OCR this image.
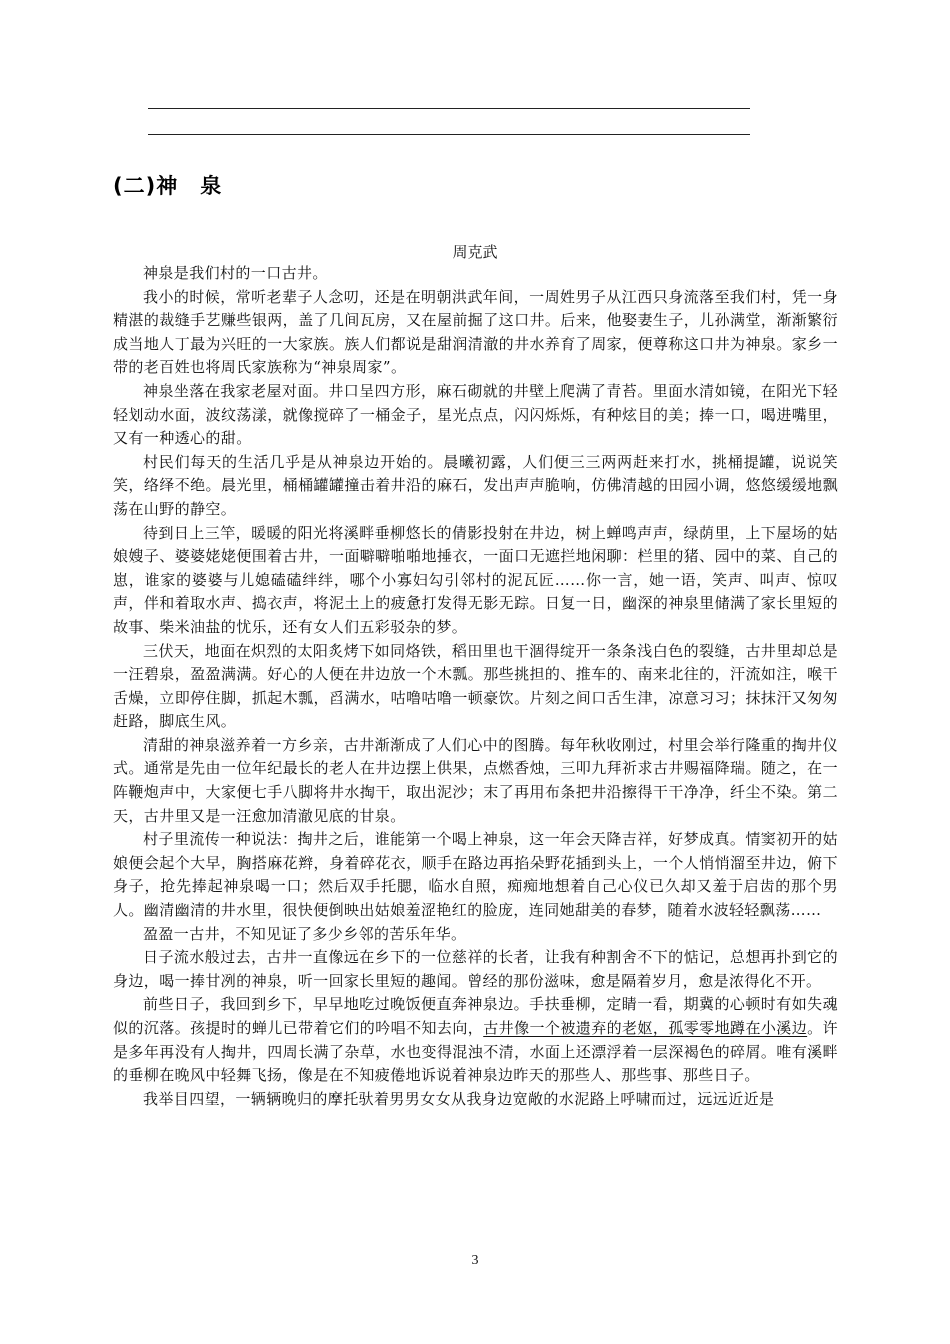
(二)神　泉
周克武

神泉是我们村的一口古井。

我小的时候，常听老辈子人念叨，还是在明朝洪武年间，一周姓男子从江西只身流落至我们村，凭一身精湛的裁缝手艺赚些银两，盖了几间瓦房，又在屋前掘了这口井。后来，他娶妻生子，儿孙满堂，渐渐繁衍成当地人丁最为兴旺的一大家族。族人们都说是甜润清澈的井水养育了周家，便尊称这口井为神泉。家乡一带的老百姓也将周氏家族称为“神泉周家”。

神泉坐落在我家老屋对面。井口呈四方形，麻石砌就的井壁上爬满了青苔。里面水清如镜，在阳光下轻轻划动水面，波纹荡漾，就像搅碎了一桶金子，星光点点，闪闪烁烁，有种炫目的美；捧一口，喝进嘴里，又有一种透心的甜。

村民们每天的生活几乎是从神泉边开始的。晨曦初露，人们便三三两两赶来打水，挑桶提罐，说说笑笑，络绎不绝。晨光里，桶桶罐罐撞击着井沿的麻石，发出声声脆响，仿佛清越的田园小调，悠悠缓缓地飘荡在山野的静空。

待到日上三竿，暖暖的阳光将溪畔垂柳悠长的倩影投射在井边，树上蝉鸣声声，绿荫里，上下屋场的姑娘嫂子、婆婆姥姥便围着古井，一面噼噼啪啪地捶衣，一面口无遮拦地闲聊：栏里的猪、园中的菜、自己的崽，谁家的婆婆与儿媳磕磕绊绊，哪个小寡妇勾引邻村的泥瓦匠……你一言，她一语，笑声、叫声、惊叹声，伴和着取水声、捣衣声，将泥土上的疲惫打发得无影无踪。日复一日，幽深的神泉里储满了家长里短的故事、柴米油盐的忧乐，还有女人们五彩驳杂的梦。

三伏天，地面在炽烈的太阳炙烤下如同烙铁，稻田里也干涸得绽开一条条浅白色的裂缝，古井里却总是一汪碧泉，盈盈满满。好心的人便在井边放一个木瓢。那些挑担的、推车的、南来北往的，汗流如注，喉干舌燥，立即停住脚，抓起木瓢，舀满水，咕噜咕噜一顿豪饮。片刻之间口舌生津，凉意习习；抹抹汗又匆匆赶路，脚底生风。

清甜的神泉滋养着一方乡亲，古井渐渐成了人们心中的图腾。每年秋收刚过，村里会举行隆重的掏井仪式。通常是先由一位年纪最长的老人在井边摆上供果，点燃香烛，三叩九拜祈求古井赐福降瑞。随之，在一阵鞭炮声中，大家便七手八脚将井水掏干，取出泥沙；末了再用布条把井沿擦得干干净净，纤尘不染。第二天，古井里又是一汪愈加清澈见底的甘泉。

村子里流传一种说法：掏井之后，谁能第一个喝上神泉，这一年会天降吉祥，好梦成真。情窦初开的姑娘便会起个大早，胸搭麻花辫，身着碎花衣，顺手在路边再掐朵野花插到头上，一个人悄悄溜至井边，俯下身子，抢先捧起神泉喝一口；然后双手托腮，临水自照，痴痴地想着自己心仪已久却又羞于启齿的那个男人。幽清幽清的井水里，很快便倒映出姑娘羞涩艳红的脸庞，连同她甜美的春梦，随着水波轻轻飘荡……

盈盈一古井，不知见证了多少乡邻的苦乐年华。

日子流水般过去，古井一直像远在乡下的一位慈祥的长者，让我有种割舍不下的惦记，总想再扑到它的身边，喝一捧甘冽的神泉，听一回家长里短的趣闻。曾经的那份滋味，愈是隔着岁月，愈是浓得化不开。

前些日子，我回到乡下，早早地吃过晚饭便直奔神泉边。手扶垂柳，定睛一看，期冀的心顿时有如失魂似的沉落。孩提时的蝉儿已带着它们的吟唱不知去向，古井像一个被遗弃的老妪，孤零零地蹲在小溪边。许是多年再没有人掏井，四周长满了杂草，水也变得混浊不清，水面上还漂浮着一层深褐色的碎屑。唯有溪畔的垂柳在晚风中轻舞飞扬，像是在不知疲倦地诉说着神泉边昨天的那些人、那些事、那些日子。

我举目四望，一辆辆晚归的摩托驮着男男女女从我身边宽敞的水泥路上呼啸而过，远远近近是

3
